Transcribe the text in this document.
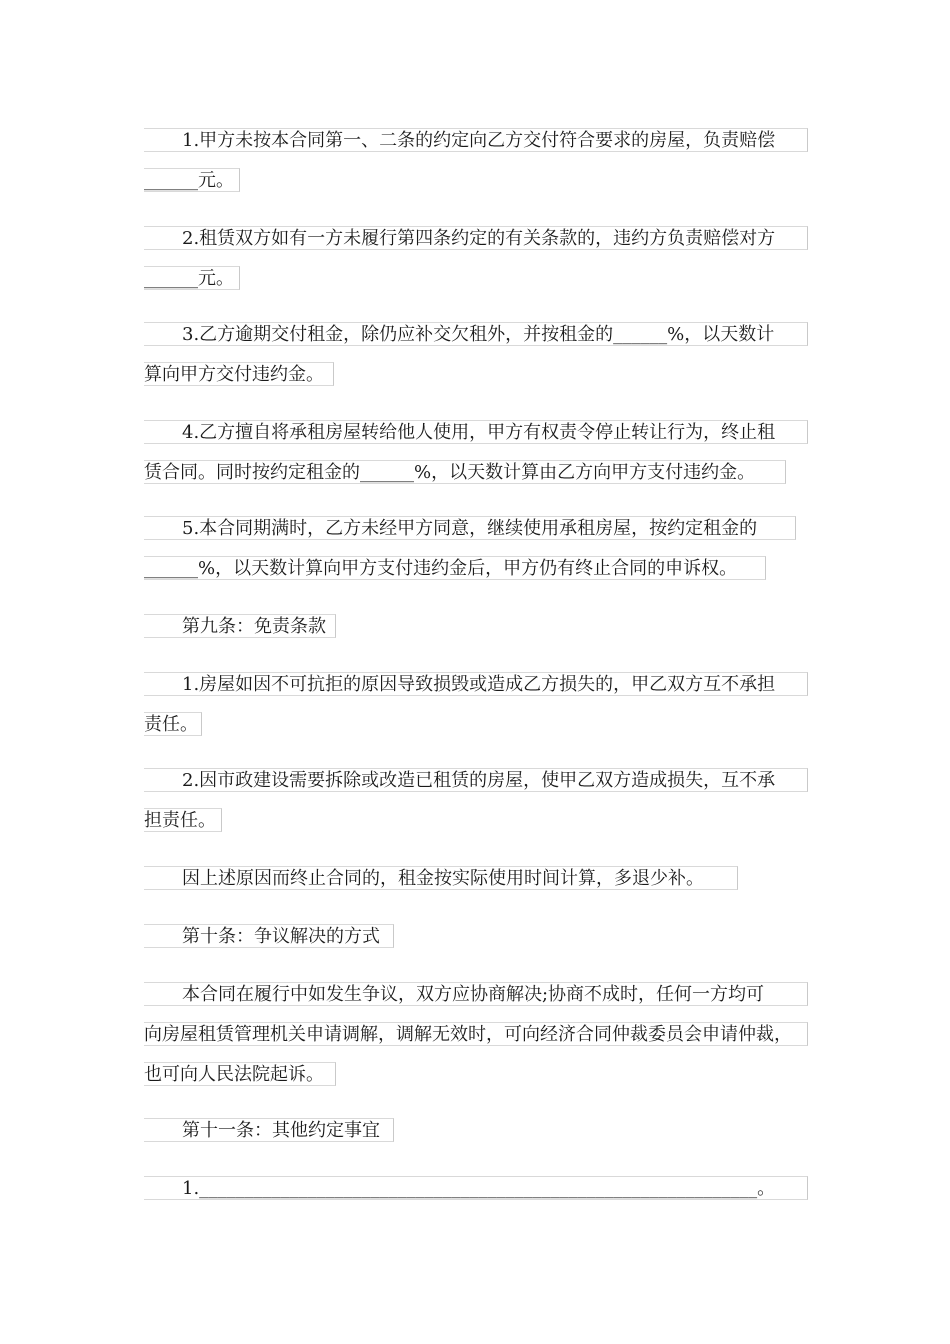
1.甲方未按本合同第一、二条的约定向乙方交付符合要求的房屋，负责赔偿
______元。
2.租赁双方如有一方未履行第四条约定的有关条款的，违约方负责赔偿对方
______元。
3.乙方逾期交付租金，除仍应补交欠租外，并按租金的______%，以天数计
算向甲方交付违约金。
4.乙方擅自将承租房屋转给他人使用，甲方有权责令停止转让行为，终止租
赁合同。同时按约定租金的______%，以天数计算由乙方向甲方支付违约金。
5.本合同期满时，乙方未经甲方同意，继续使用承租房屋，按约定租金的
______%，以天数计算向甲方支付违约金后，甲方仍有终止合同的申诉权。
第九条：免责条款
1.房屋如因不可抗拒的原因导致损毁或造成乙方损失的，甲乙双方互不承担
责任。
2.因市政建设需要拆除或改造已租赁的房屋，使甲乙双方造成损失，互不承
担责任。
因上述原因而终止合同的，租金按实际使用时间计算，多退少补。
第十条：争议解决的方式
本合同在履行中如发生争议，双方应协商解决;协商不成时，任何一方均可
向房屋租赁管理机关申请调解，调解无效时，可向经济合同仲裁委员会申请仲裁，
也可向人民法院起诉。
第十一条：其他约定事宜
1.______________________________________________________________。
